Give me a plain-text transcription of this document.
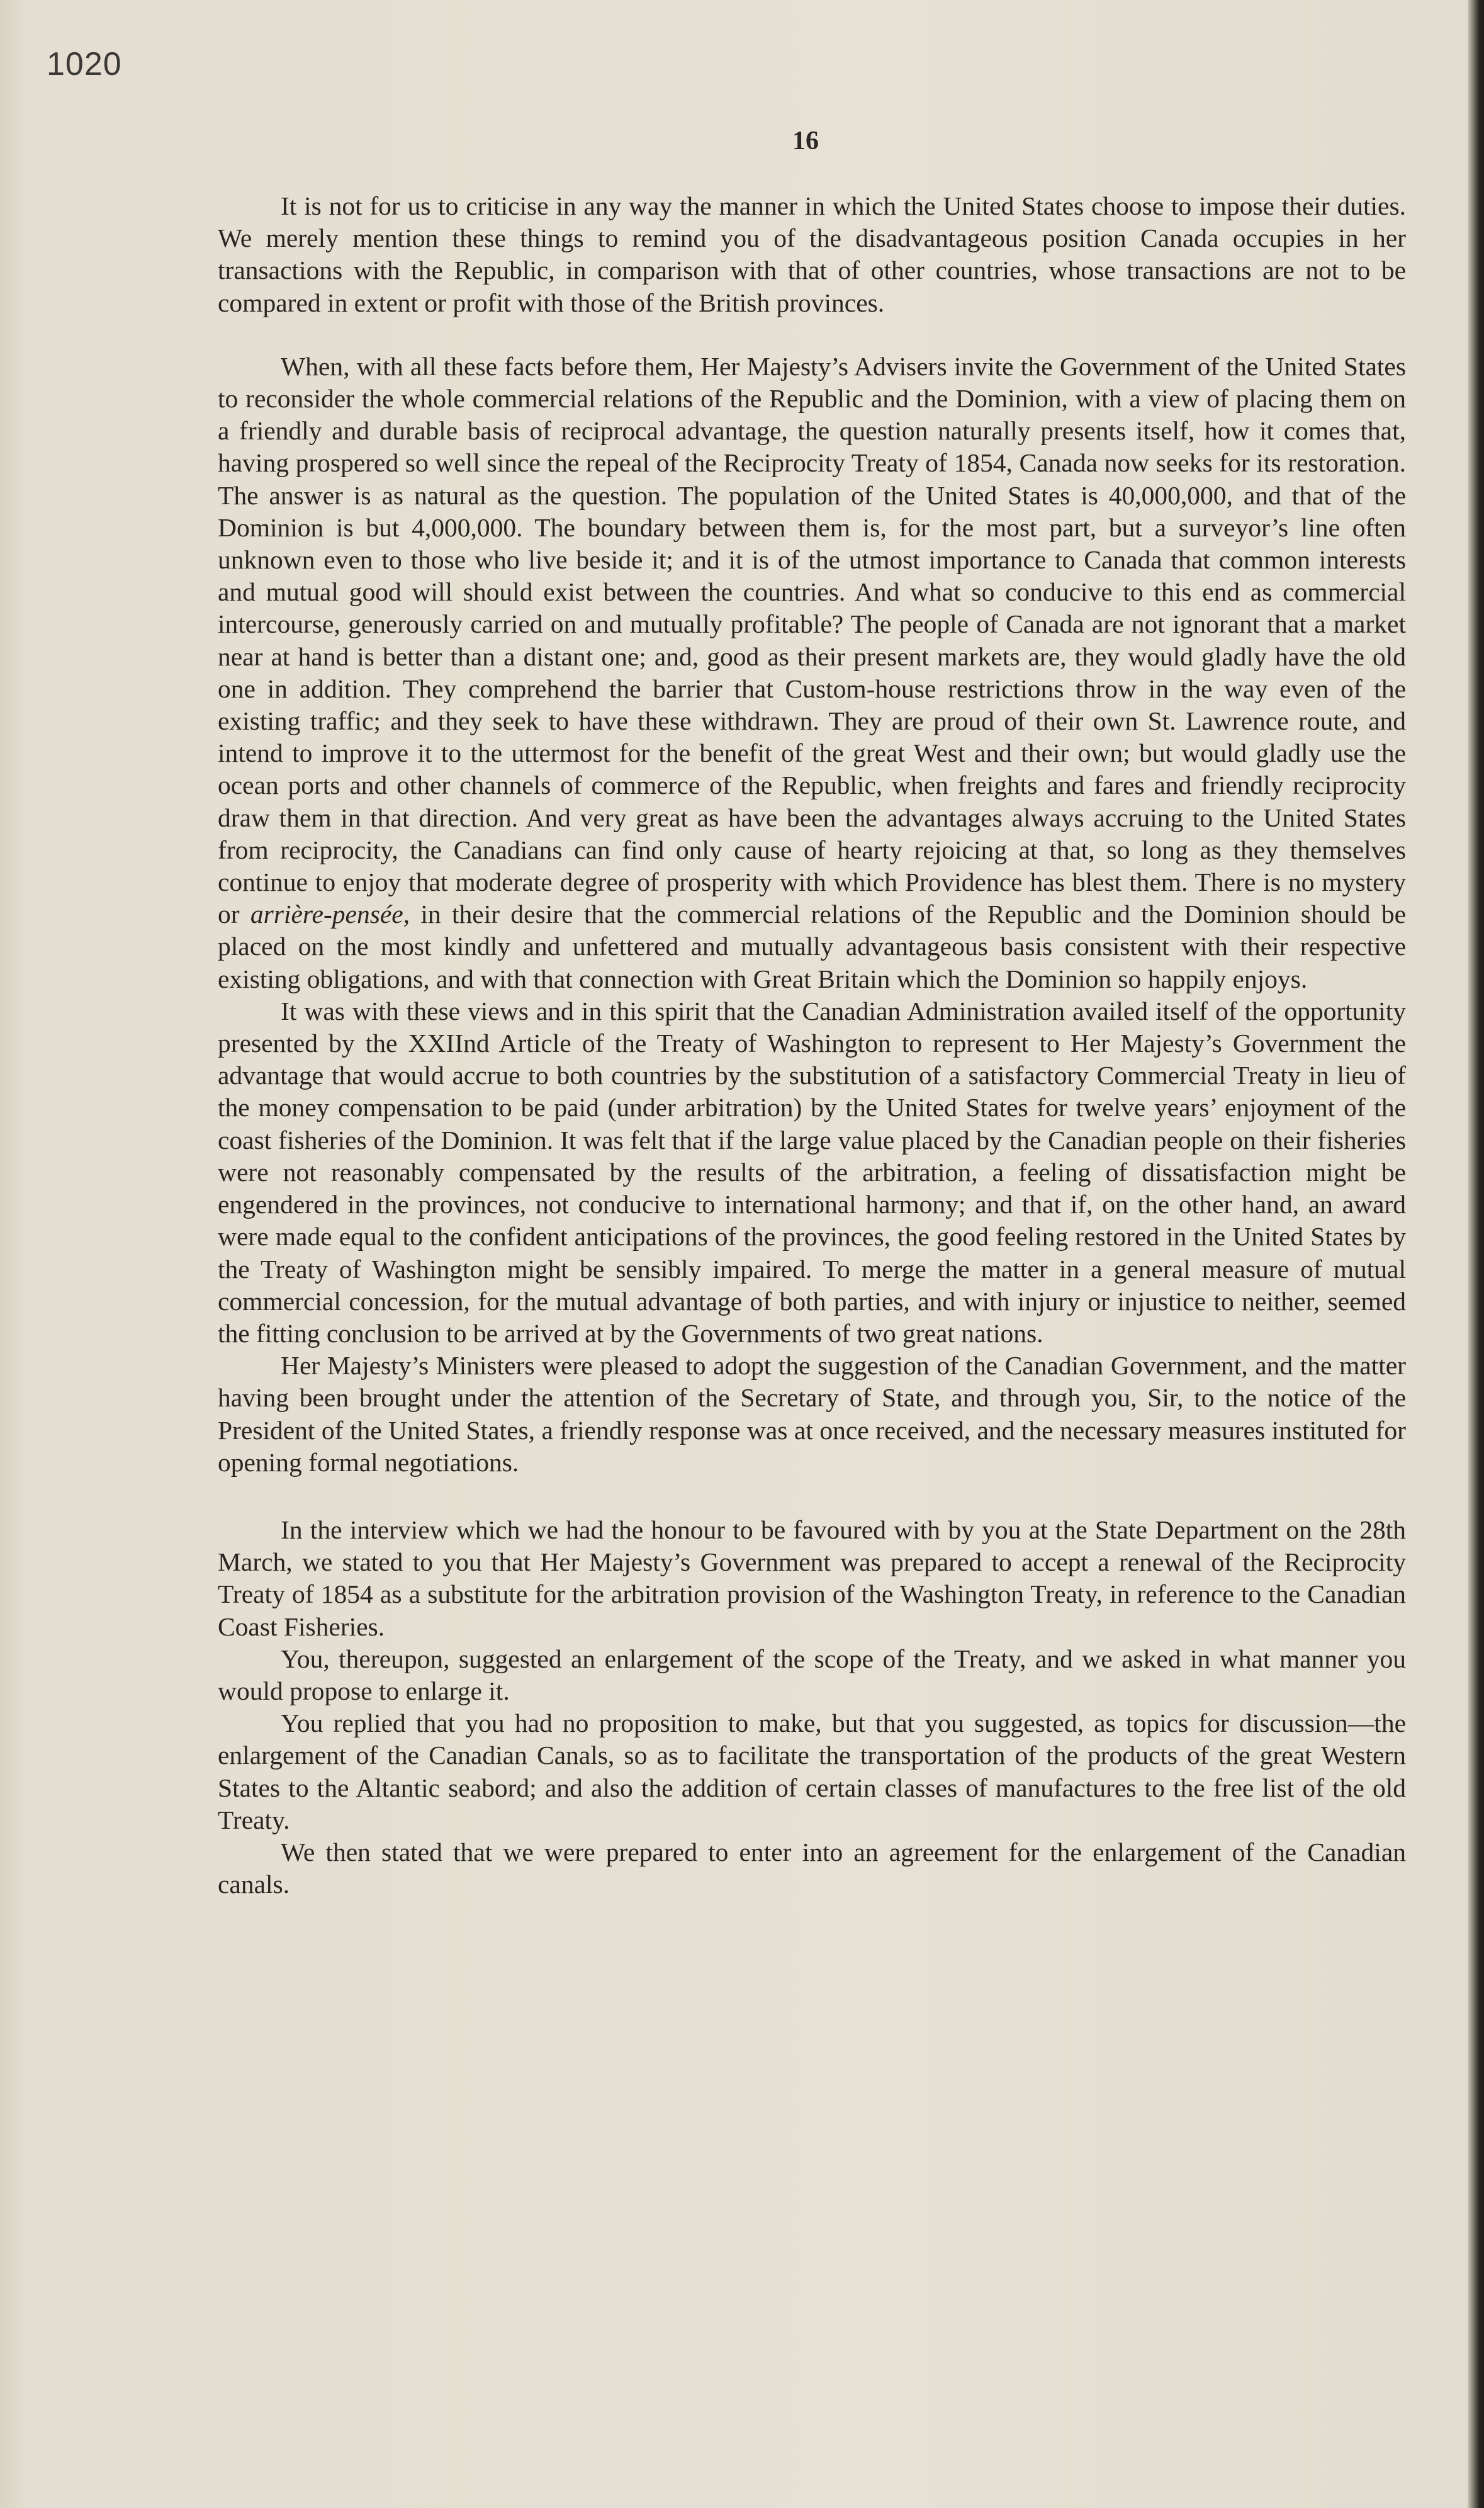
1020
16

It is not for us to criticise in any way the manner in which the United States choose to impose their duties. We merely mention these things to remind you of the disadvantageous position Canada occupies in her transactions with the Republic, in comparison with that of other countries, whose transactions are not to be compared in extent or profit with those of the British provinces.

When, with all these facts before them, Her Majesty’s Advisers invite the Government of the United States to reconsider the whole commercial relations of the Republic and the Dominion, with a view of placing them on a friendly and durable basis of reciprocal advantage, the question naturally presents itself, how it comes that, having prospered so well since the repeal of the Reciprocity Treaty of 1854, Canada now seeks for its restoration. The answer is as natural as the question. The population of the United States is 40,000,000, and that of the Dominion is but 4,000,000. The boundary between them is, for the most part, but a surveyor’s line often unknown even to those who live beside it; and it is of the utmost importance to Canada that common interests and mutual good will should exist between the countries. And what so conducive to this end as commercial intercourse, generously carried on and mutually profitable? The people of Canada are not ignorant that a market near at hand is better than a distant one; and, good as their present markets are, they would gladly have the old one in addition. They comprehend the barrier that Custom-house restrictions throw in the way even of the existing traffic; and they seek to have these withdrawn. They are proud of their own St. Lawrence route, and intend to improve it to the uttermost for the benefit of the great West and their own; but would gladly use the ocean ports and other channels of commerce of the Republic, when freights and fares and friendly reciprocity draw them in that direction. And very great as have been the advantages always accruing to the United States from reciprocity, the Canadians can find only cause of hearty rejoicing at that, so long as they themselves continue to enjoy that moderate degree of prosperity with which Providence has blest them. There is no mystery or arrière-pensée, in their desire that the commercial relations of the Republic and the Dominion should be placed on the most kindly and unfettered and mutually advantageous basis consistent with their respective existing obligations, and with that connection with Great Britain which the Dominion so happily enjoys.

It was with these views and in this spirit that the Canadian Administration availed itself of the opportunity presented by the XXIInd Article of the Treaty of Washington to represent to Her Majesty’s Government the advantage that would accrue to both countries by the substitution of a satisfactory Commercial Treaty in lieu of the money compensation to be paid (under arbitration) by the United States for twelve years’ enjoyment of the coast fisheries of the Dominion. It was felt that if the large value placed by the Canadian people on their fisheries were not reasonably compensated by the results of the arbitration, a feeling of dissatisfaction might be engendered in the provinces, not conducive to international harmony; and that if, on the other hand, an award were made equal to the confident anticipations of the provinces, the good feeling restored in the United States by the Treaty of Washington might be sensibly impaired. To merge the matter in a general measure of mutual commercial concession, for the mutual advantage of both parties, and with injury or injustice to neither, seemed the fitting conclusion to be arrived at by the Governments of two great nations.

Her Majesty’s Ministers were pleased to adopt the suggestion of the Canadian Government, and the matter having been brought under the attention of the Secretary of State, and through you, Sir, to the notice of the President of the United States, a friendly response was at once received, and the necessary measures instituted for opening formal negotiations.

In the interview which we had the honour to be favoured with by you at the State Department on the 28th March, we stated to you that Her Majesty’s Government was prepared to accept a renewal of the Reciprocity Treaty of 1854 as a substitute for the arbitration provision of the Washington Treaty, in reference to the Canadian Coast Fisheries.

You, thereupon, suggested an enlargement of the scope of the Treaty, and we asked in what manner you would propose to enlarge it.

You replied that you had no proposition to make, but that you suggested, as topics for discussion—the enlargement of the Canadian Canals, so as to facilitate the transportation of the products of the great Western States to the Altantic seabord; and also the addition of certain classes of manufactures to the free list of the old Treaty.

We then stated that we were prepared to enter into an agreement for the enlargement of the Canadian canals.
